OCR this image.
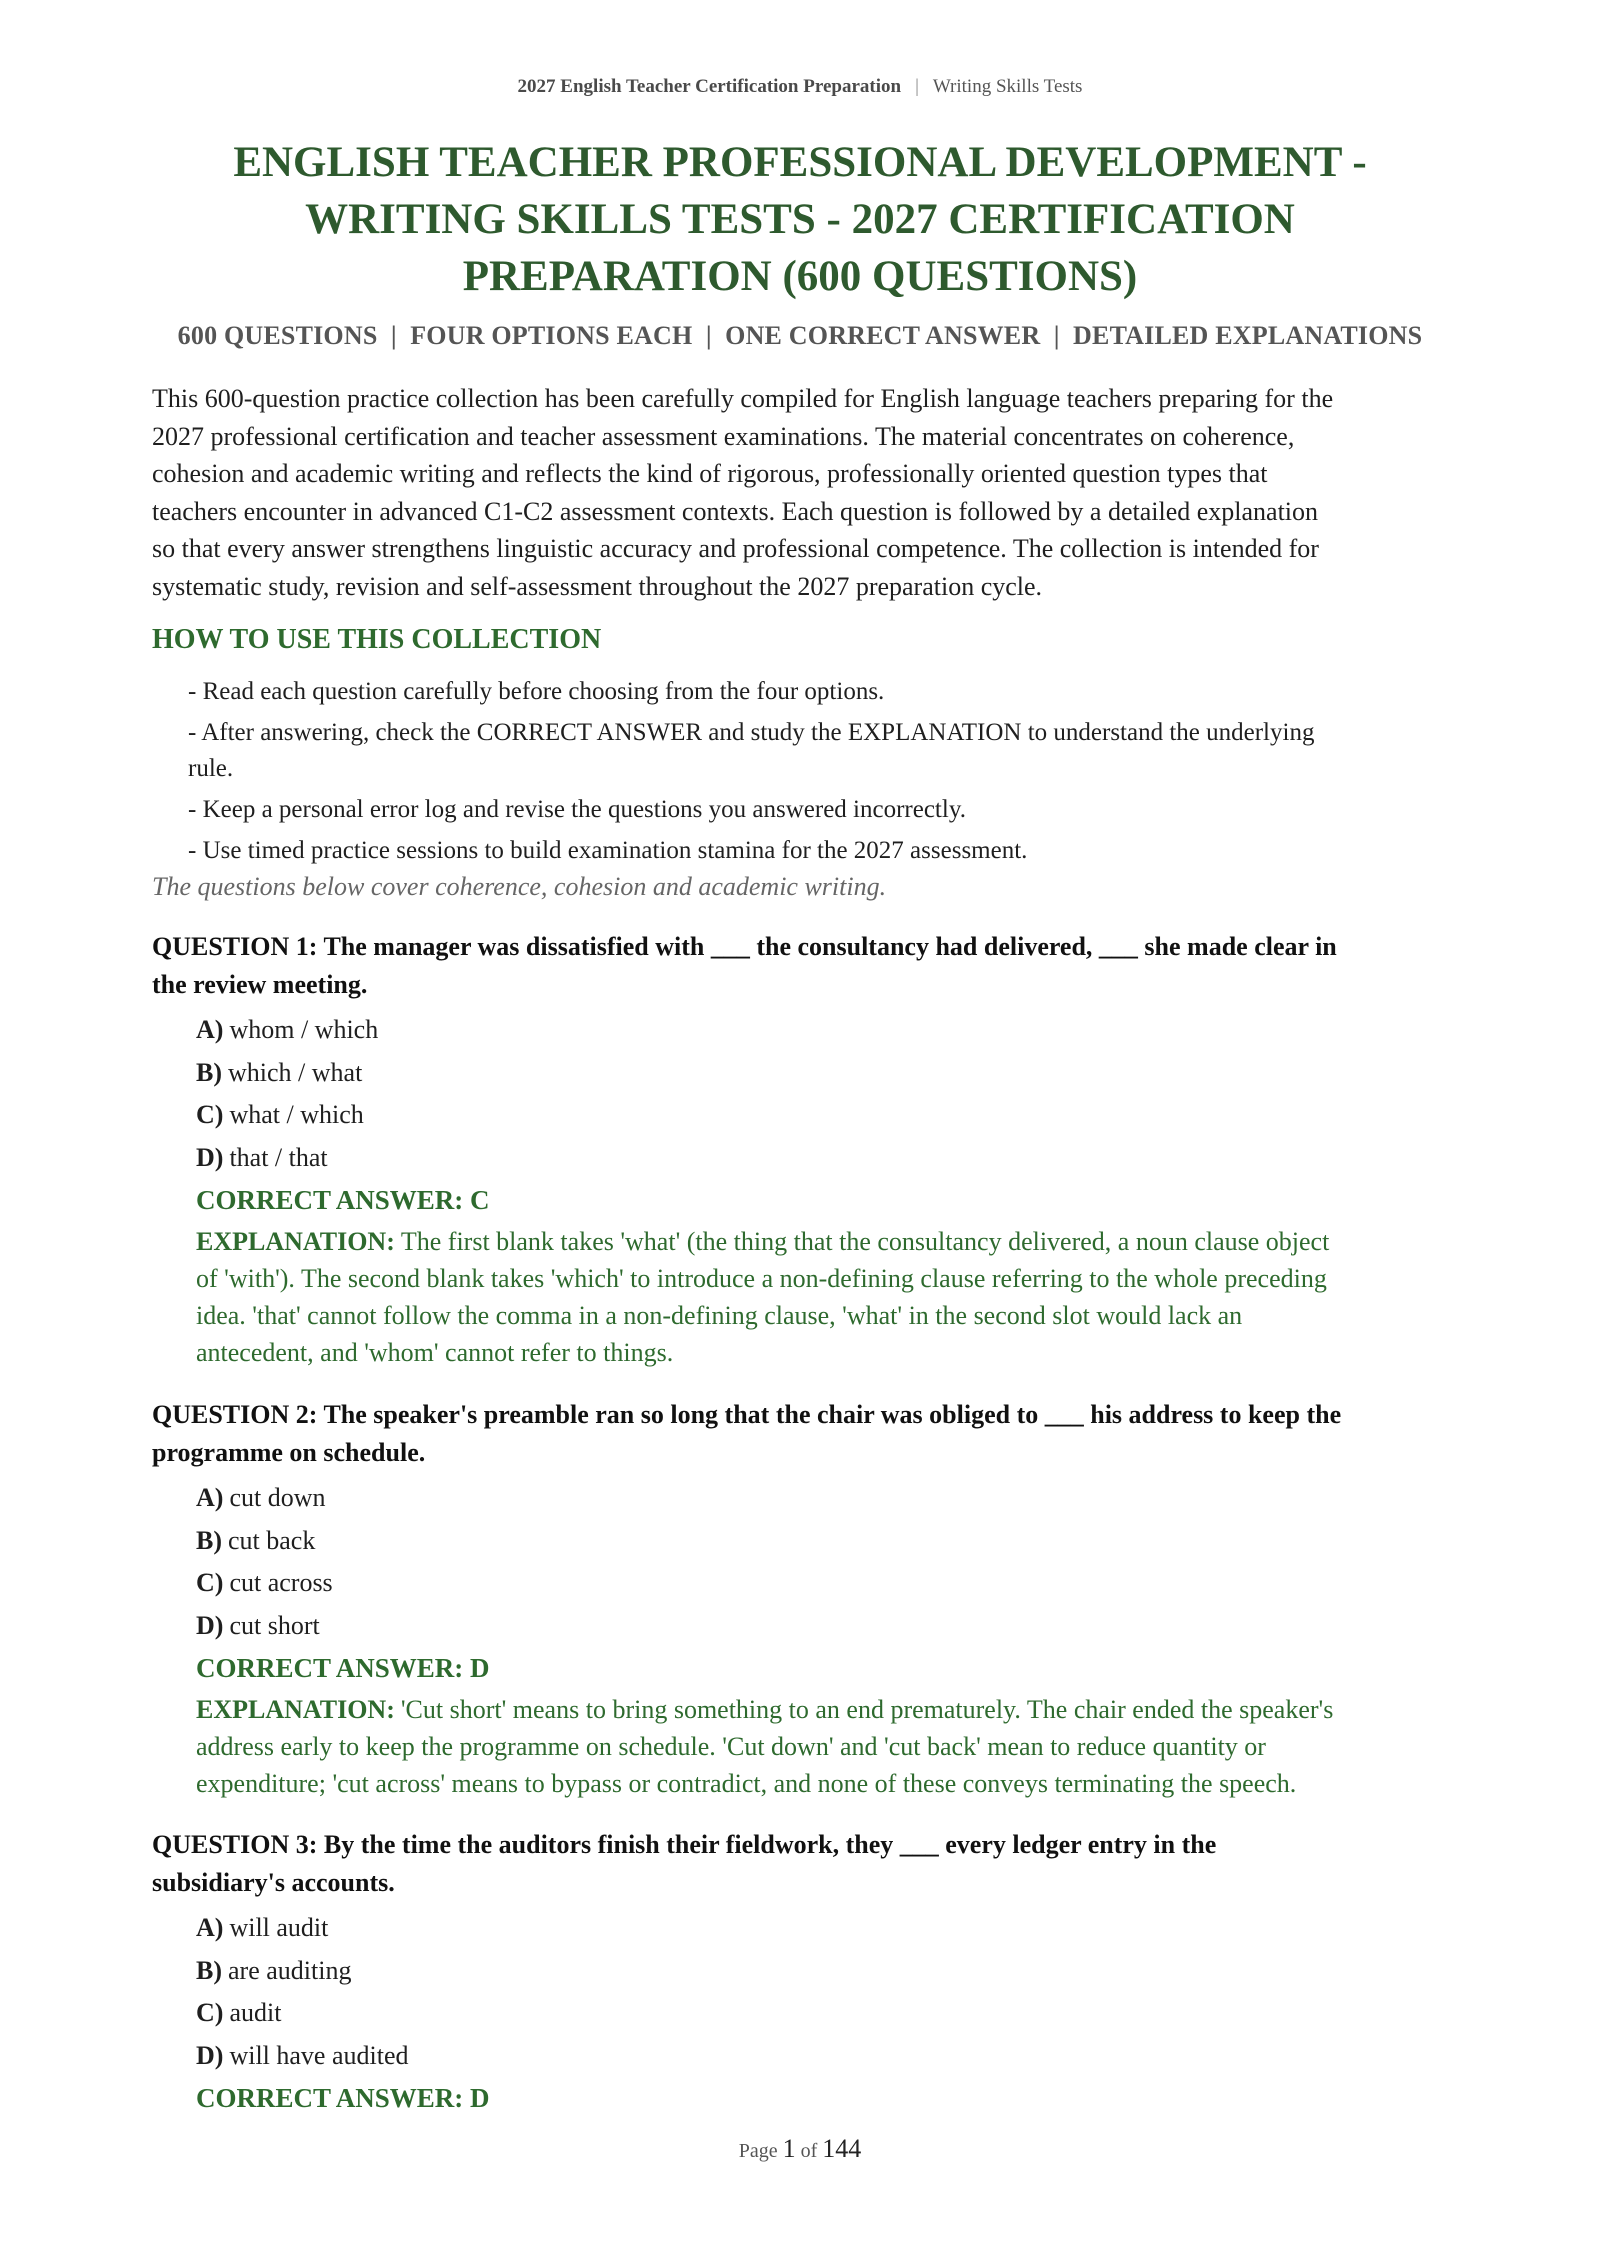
2027 English Teacher Certification Preparation | Writing Skills Tests
ENGLISH TEACHER PROFESSIONAL DEVELOPMENT -
WRITING SKILLS TESTS - 2027 CERTIFICATION
PREPARATION (600 QUESTIONS)
600 QUESTIONS  |  FOUR OPTIONS EACH  |  ONE CORRECT ANSWER  |  DETAILED EXPLANATIONS

This 600-question practice collection has been carefully compiled for English language teachers preparing for the
2027 professional certification and teacher assessment examinations. The material concentrates on coherence,
cohesion and academic writing and reflects the kind of rigorous, professionally oriented question types that
teachers encounter in advanced C1-C2 assessment contexts. Each question is followed by a detailed explanation
so that every answer strengthens linguistic accuracy and professional competence. The collection is intended for
systematic study, revision and self-assessment throughout the 2027 preparation cycle.

HOW TO USE THIS COLLECTION
- Read each question carefully before choosing from the four options.
- After answering, check the CORRECT ANSWER and study the EXPLANATION to understand the underlying
rule.
- Keep a personal error log and revise the questions you answered incorrectly.
- Use timed practice sessions to build examination stamina for the 2027 assessment.
The questions below cover coherence, cohesion and academic writing.

QUESTION 1: The manager was dissatisfied with ___ the consultancy had delivered, ___ she made clear in
the review meeting.

A) whom / which
B) which / what
C) what / which
D) that / that

CORRECT ANSWER: C

EXPLANATION: The first blank takes 'what' (the thing that the consultancy delivered, a noun clause object
of 'with'). The second blank takes 'which' to introduce a non-defining clause referring to the whole preceding
idea. 'that' cannot follow the comma in a non-defining clause, 'what' in the second slot would lack an
antecedent, and 'whom' cannot refer to things.

QUESTION 2: The speaker's preamble ran so long that the chair was obliged to ___ his address to keep the
programme on schedule.

A) cut down
B) cut back
C) cut across
D) cut short

CORRECT ANSWER: D

EXPLANATION: 'Cut short' means to bring something to an end prematurely. The chair ended the speaker's
address early to keep the programme on schedule. 'Cut down' and 'cut back' mean to reduce quantity or
expenditure; 'cut across' means to bypass or contradict, and none of these conveys terminating the speech.

QUESTION 3: By the time the auditors finish their fieldwork, they ___ every ledger entry in the
subsidiary's accounts.

A) will audit
B) are auditing
C) audit
D) will have audited

CORRECT ANSWER: D

Page 1 of 144
